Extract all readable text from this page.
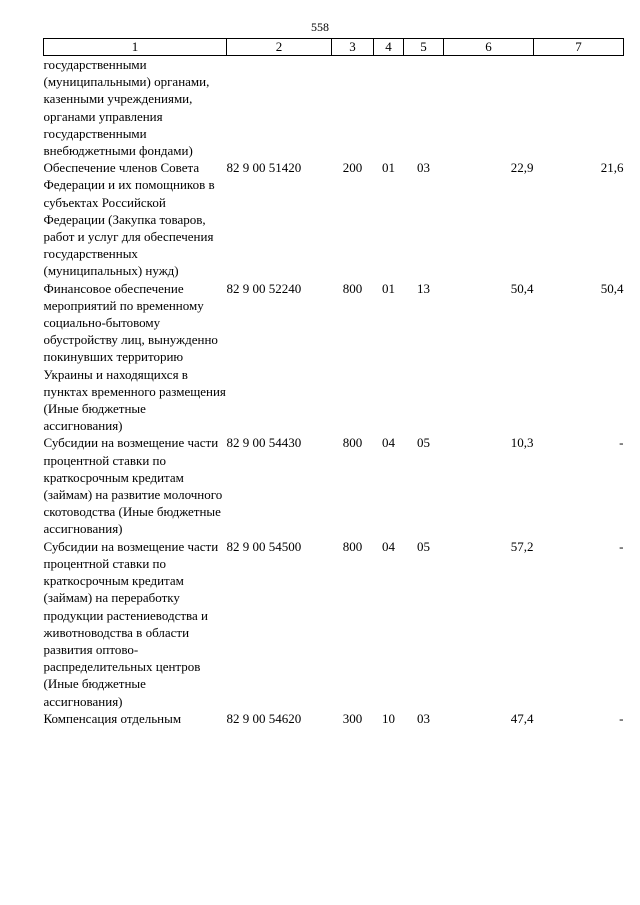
558
1	2	3	4	5	6	7
государственными (муниципальными) органами, казенными учреждениями, органами управления государственными внебюджетными фондами)						
Обеспечение членов Совета Федерации и их помощников в субъектах Российской Федерации (Закупка товаров, работ и услуг для обеспечения государственных (муниципальных) нужд)	82 9 00 51420	200	01	03	22,9	21,6
Финансовое обеспечение мероприятий по временному социально-бытовому обустройству лиц, вынужденно покинувших территорию Украины и находящихся в пунктах временного размещения (Иные бюджетные ассигнования)	82 9 00 52240	800	01	13	50,4	50,4
Субсидии на возмещение части процентной ставки по краткосрочным кредитам (займам) на развитие молочного скотоводства (Иные бюджетные ассигнования)	82 9 00 54430	800	04	05	10,3	-
Субсидии на возмещение части процентной ставки по краткосрочным кредитам (займам) на переработку продукции растениеводства и животноводства в области развития оптово-распределительных центров (Иные бюджетные ассигнования)	82 9 00 54500	800	04	05	57,2	-
Компенсация отдельным	82 9 00 54620	300	10	03	47,4	-
